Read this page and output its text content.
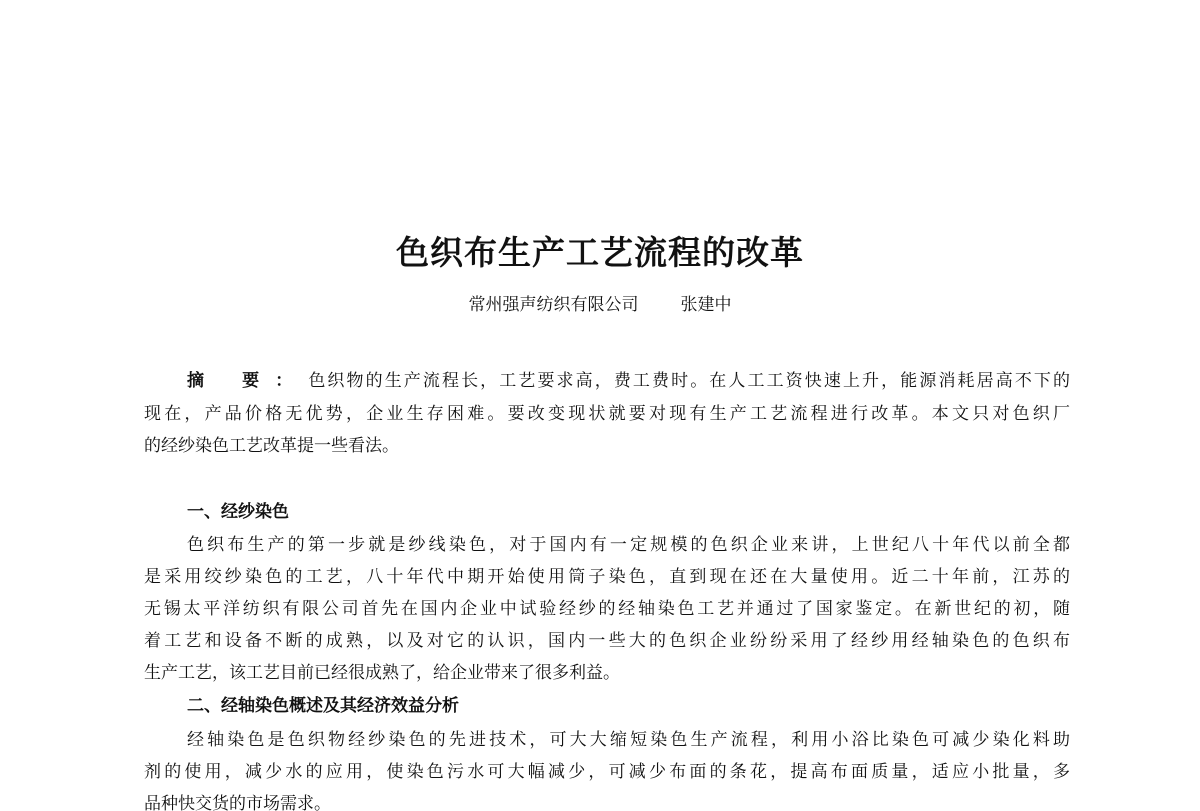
色织布生产工艺流程的改革
常州强声纺织有限公司 张建中
摘 要：色织物的生产流程长，工艺要求高，费工费时。在人工工资快速上升，能源消耗居高不下的
现在，产品价格无优势，企业生存困难。要改变现状就要对现有生产工艺流程进行改革。本文只对色织厂
的经纱染色工艺改革提一些看法。
一、经纱染色
色织布生产的第一步就是纱线染色，对于国内有一定规模的色织企业来讲，上世纪八十年代以前全都
是采用绞纱染色的工艺，八十年代中期开始使用筒子染色，直到现在还在大量使用。近二十年前，江苏的
无锡太平洋纺织有限公司首先在国内企业中试验经纱的经轴染色工艺并通过了国家鉴定。在新世纪的初，随
着工艺和设备不断的成熟，以及对它的认识，国内一些大的色织企业纷纷采用了经纱用经轴染色的色织布
生产工艺，该工艺目前已经很成熟了，给企业带来了很多利益。
二、经轴染色概述及其经济效益分析
经轴染色是色织物经纱染色的先进技术，可大大缩短染色生产流程，利用小浴比染色可减少染化料助
剂的使用，减少水的应用，使染色污水可大幅减少，可减少布面的条花，提高布面质量，适应小批量，多
品种快交货的市场需求。
